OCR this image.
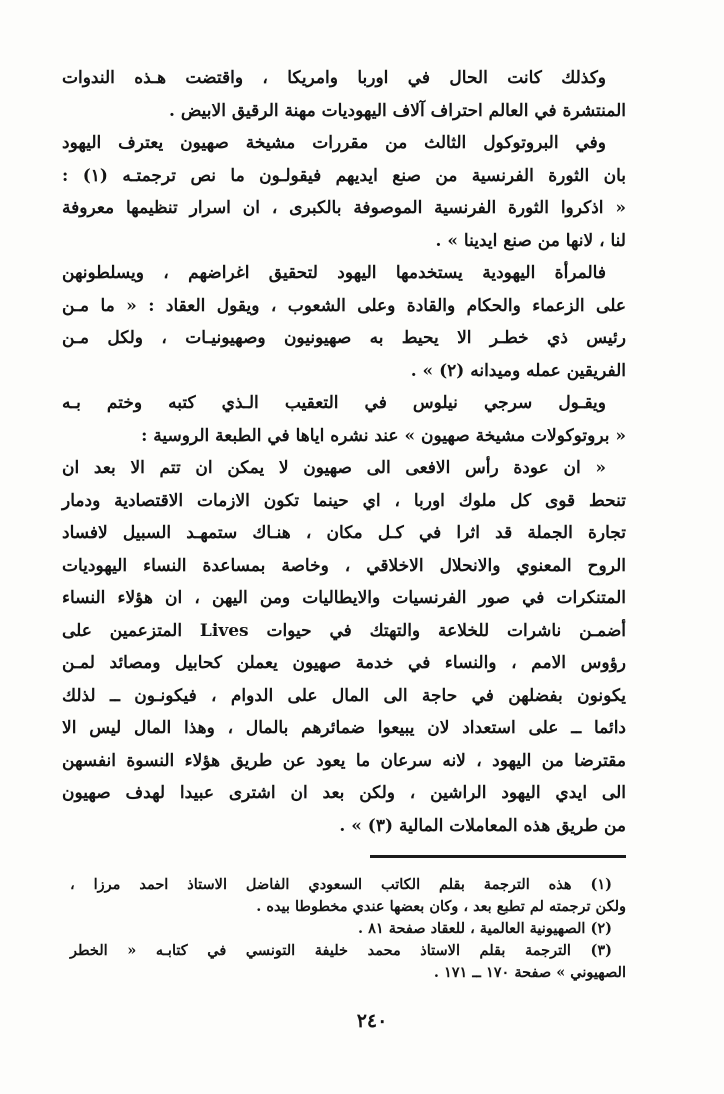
وكذلك كانت الحال في اوربا وامريكا ، واقتضت هـذه الندوات
المنتشرة في العالم احتراف آلاف اليهوديات مهنة الرقيق الابيض .
وفي البروتوكول الثالث من مقررات مشيخة صهيون يعترف اليهود
بان الثورة الفرنسية من صنع ايديهم فيقولـون ما نص ترجمتـه (١) :
« اذكروا الثورة الفرنسية الموصوفة بالكبرى ، ان اسرار تنظيمها معروفة
لنا ، لانها من صنع ايدينا » .
فالمرأة اليهودية يستخدمها اليهود لتحقيق اغراضهم ، ويسلطونهن
على الزعماء والحكام والقادة وعلى الشعوب ، ويقول العقاد : « ما مـن
رئيس ذي خطـر الا يحيط به صهيونيون وصهيونيـات ، ولكل مـن
الفريقين عمله وميدانه (٢) » .
ويقـول سرجي نيلوس في التعقيب الـذي كتبه وختم بـه
« بروتوكولات مشيخة صهيون » عند نشره اياها في الطبعة الروسية :
« ان عودة رأس الافعى الى صهيون لا يمكن ان تتم الا بعد ان
تنحط قوى كل ملوك اوربا ، اي حينما تكون الازمات الاقتصادية ودمار
تجارة الجملة قد اثرا في كـل مكان ، هنـاك ستمهـد السبيل لافساد
الروح المعنوي والانحلال الاخلاقي ، وخاصة بمساعدة النساء اليهوديات
المتنكرات في صور الفرنسيات والايطاليات ومن اليهن ، ان هؤلاء النساء
أضمـن ناشرات للخلاعة والتهتك في حيوات Lives المتزعمين على
رؤوس الامم ، والنساء في خدمة صهيون يعملن كحابيل ومصائد لمـن
يكونون بفضلهن في حاجة الى المال على الدوام ، فيكونـون ــ لذلك
دائما ــ على استعداد لان يبيعوا ضمائرهم بالمال ، وهذا المال ليس الا
مقترضا من اليهود ، لانه سرعان ما يعود عن طريق هؤلاء النسوة انفسهن
الى ايدي اليهود الراشين ، ولكن بعد ان اشترى عبيدا لهدف صهيون
من طريق هذه المعاملات المالية (٣) » .
(١) هذه الترجمة بقلم الكاتب السعودي الفاضل الاستاذ احمد مرزا ،
ولكن ترجمته لم تطبع بعد ، وكان بعضها عندي مخطوطا بيده .
(٢) الصهيونية العالمية ، للعقاد صفحة ٨١ .
(٣) الترجمة بقلم الاستاذ محمد خليفة التونسي في كتابـه « الخطر
الصهيوني » صفحة ١٧٠ ــ ١٧١ .
٢٤٠
